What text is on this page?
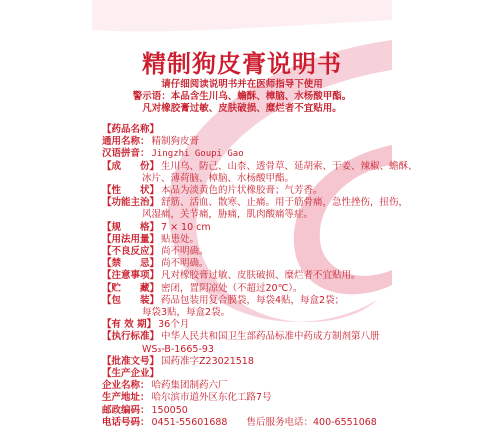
精制狗皮膏说明书
请仔细阅读说明书并在医师指导下使用
警示语：本品含生川乌、蟾酥、樟脑、水杨酸甲酯。
凡对橡胶膏过敏、皮肤破损、糜烂者不宜贴用。
【药品名称】
通用名称： 精制狗皮膏
汉语拼音： Jingzhi Goupi Gao
【成　　份】 生川乌、防己、山柰、透骨草、延胡索、干姜、辣椒、蟾酥、
冰片、薄荷脑、樟脑、水杨酸甲酯。
【性　　状】 本品为淡黄色的片状橡胶膏；气芳香。
【功能主治】 舒筋、活血、散寒、止痛。用于筋骨痛，急性挫伤，扭伤，
风湿痛，关节痛，胁痛，肌肉酸痛等症。
【规　　格】 7 × 10 cm
【用法用量】 贴患处。
【不良反应】 尚不明确。
【禁　　忌】 尚不明确。
【注意事项】 凡对橡胶膏过敏、皮肤破损、糜烂者不宜贴用。
【贮　　藏】 密闭，置阴凉处（不超过20℃）。
【包　　装】 药品包装用复合膜袋，每袋4贴，每盒2袋；
每袋3贴，每盒2袋。
【有 效 期】 36个月
【执行标准】 中华人民共和国卫生部药品标准中药成方制剂第八册
WS₃-B-1665-93
【批准文号】 国药准字Z23021518
【生产企业】
企业名称： 哈药集团制药六厂
生产地址： 哈尔滨市道外区东化工路7号
邮政编码： 150050
电话号码： 0451-55601688　　售后服务电话：400-6551068
